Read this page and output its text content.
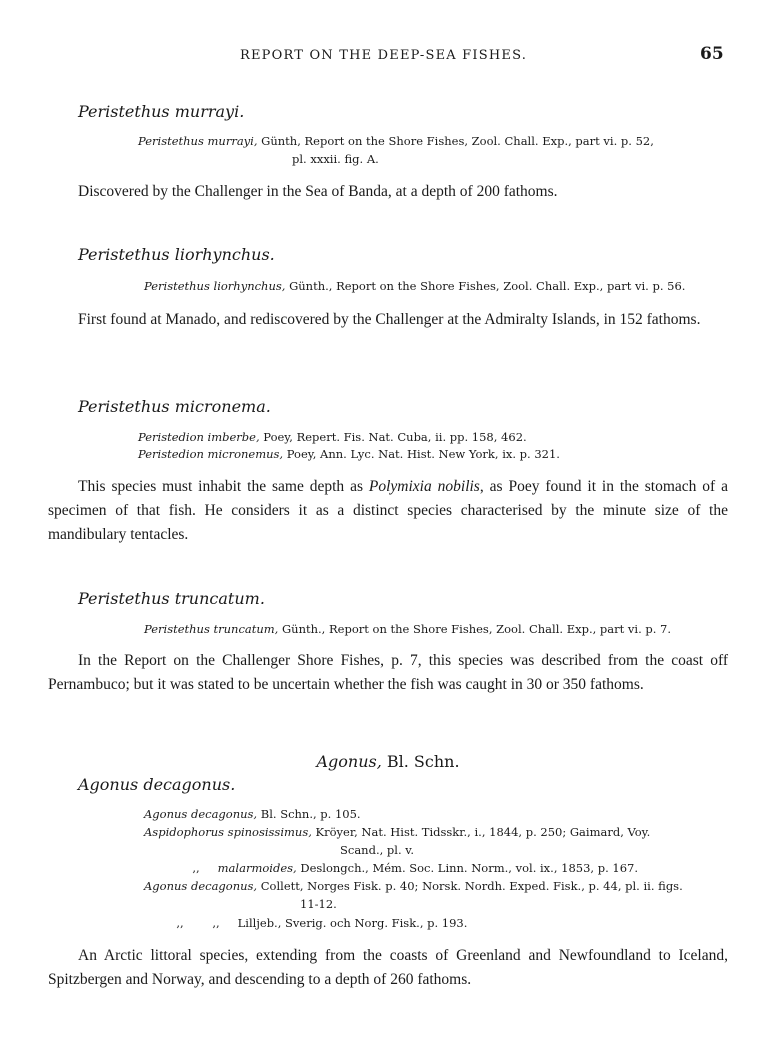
REPORT ON THE DEEP-SEA FISHES.	65
Peristethus murrayi.
Peristethus murrayi, Günth, Report on the Shore Fishes, Zool. Chall. Exp., part vi. p. 52,
pl. xxxii. fig. A.
Discovered by the Challenger in the Sea of Banda, at a depth of 200 fathoms.
Peristethus liorhynchus.
Peristethus liorhynchus, Günth., Report on the Shore Fishes, Zool. Chall. Exp., part vi. p. 56.
First found at Manado, and rediscovered by the Challenger at the Admiralty Islands, in 152 fathoms.
Peristethus micronema.
Peristedion imberbe, Poey, Repert. Fis. Nat. Cuba, ii. pp. 158, 462.
Peristedion micronemus, Poey, Ann. Lyc. Nat. Hist. New York, ix. p. 321.
This species must inhabit the same depth as Polymixia nobilis, as Poey found it in the stomach of a specimen of that fish. He considers it as a distinct species characterised by the minute size of the mandibulary tentacles.
Peristethus truncatum.
Peristethus truncatum, Günth., Report on the Shore Fishes, Zool. Chall. Exp., part vi. p. 7.
In the Report on the Challenger Shore Fishes, p. 7, this species was described from the coast off Pernambuco; but it was stated to be uncertain whether the fish was caught in 30 or 350 fathoms.
Agonus, Bl. Schn.
Agonus decagonus.
Agonus decagonus, Bl. Schn., p. 105.
Aspidophorus spinosissimus, Kröyer, Nat. Hist. Tidsskr., i., 1844, p. 250; Gaimard, Voy.
Scand., pl. v.
,, malarmoides, Deslongch., Mém. Soc. Linn. Norm., vol. ix., 1853, p. 167.
Agonus decagonus, Collett, Norges Fisk. p. 40; Norsk. Nordh. Exped. Fisk., p. 44, pl. ii. figs.
11-12.
,, ,, Lilljeb., Sverig. och Norg. Fisk., p. 193.
An Arctic littoral species, extending from the coasts of Greenland and Newfoundland to Iceland, Spitzbergen and Norway, and descending to a depth of 260 fathoms.
